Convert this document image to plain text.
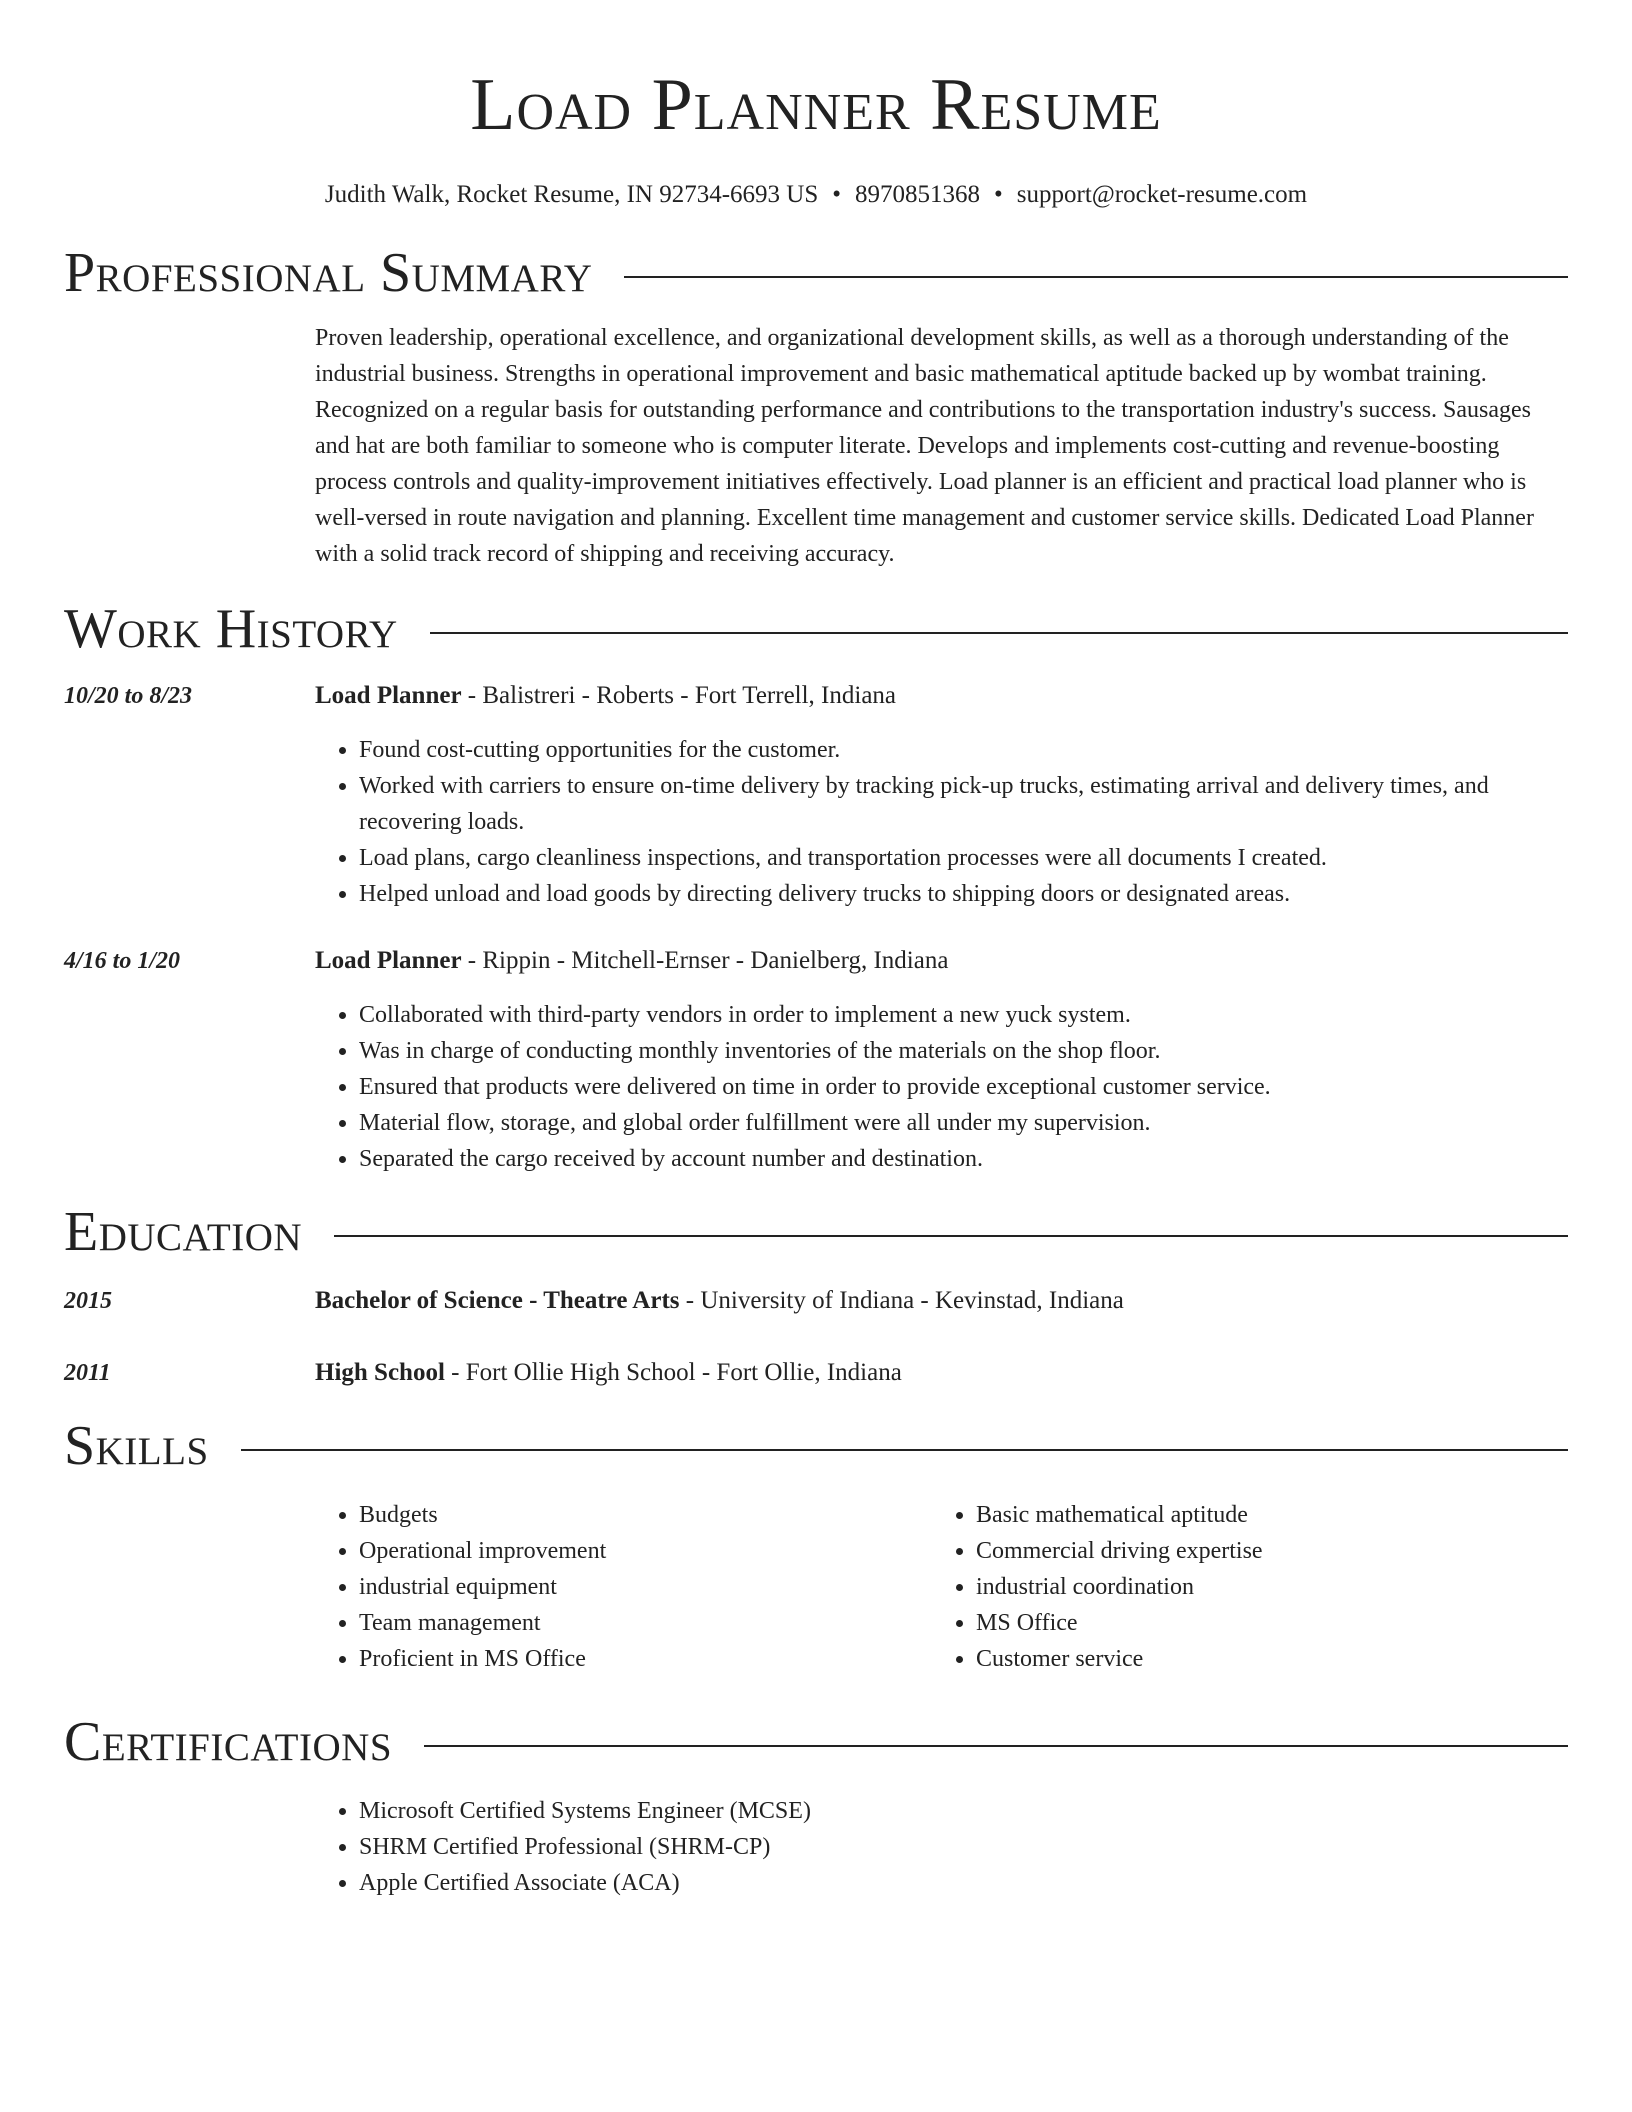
Load Planner Resume
Judith Walk, Rocket Resume, IN 92734-6693 US • 8970851368 • support@rocket-resume.com
Professional Summary
Proven leadership, operational excellence, and organizational development skills, as well as a thorough understanding of the industrial business. Strengths in operational improvement and basic mathematical aptitude backed up by wombat training. Recognized on a regular basis for outstanding performance and contributions to the transportation industry's success. Sausages and hat are both familiar to someone who is computer literate. Develops and implements cost-cutting and revenue-boosting process controls and quality-improvement initiatives effectively. Load planner is an efficient and practical load planner who is well-versed in route navigation and planning. Excellent time management and customer service skills. Dedicated Load Planner with a solid track record of shipping and receiving accuracy.
Work History
10/20 to 8/23	Load Planner - Balistreri - Roberts - Fort Terrell, Indiana
• Found cost-cutting opportunities for the customer.
• Worked with carriers to ensure on-time delivery by tracking pick-up trucks, estimating arrival and delivery times, and recovering loads.
• Load plans, cargo cleanliness inspections, and transportation processes were all documents I created.
• Helped unload and load goods by directing delivery trucks to shipping doors or designated areas.
4/16 to 1/20	Load Planner - Rippin - Mitchell-Ernser - Danielberg, Indiana
• Collaborated with third-party vendors in order to implement a new yuck system.
• Was in charge of conducting monthly inventories of the materials on the shop floor.
• Ensured that products were delivered on time in order to provide exceptional customer service.
• Material flow, storage, and global order fulfillment were all under my supervision.
• Separated the cargo received by account number and destination.
Education
2015	Bachelor of Science - Theatre Arts - University of Indiana - Kevinstad, Indiana
2011	High School - Fort Ollie High School - Fort Ollie, Indiana
Skills
• Budgets
• Operational improvement
• industrial equipment
• Team management
• Proficient in MS Office
• Basic mathematical aptitude
• Commercial driving expertise
• industrial coordination
• MS Office
• Customer service
Certifications
• Microsoft Certified Systems Engineer (MCSE)
• SHRM Certified Professional (SHRM-CP)
• Apple Certified Associate (ACA)
